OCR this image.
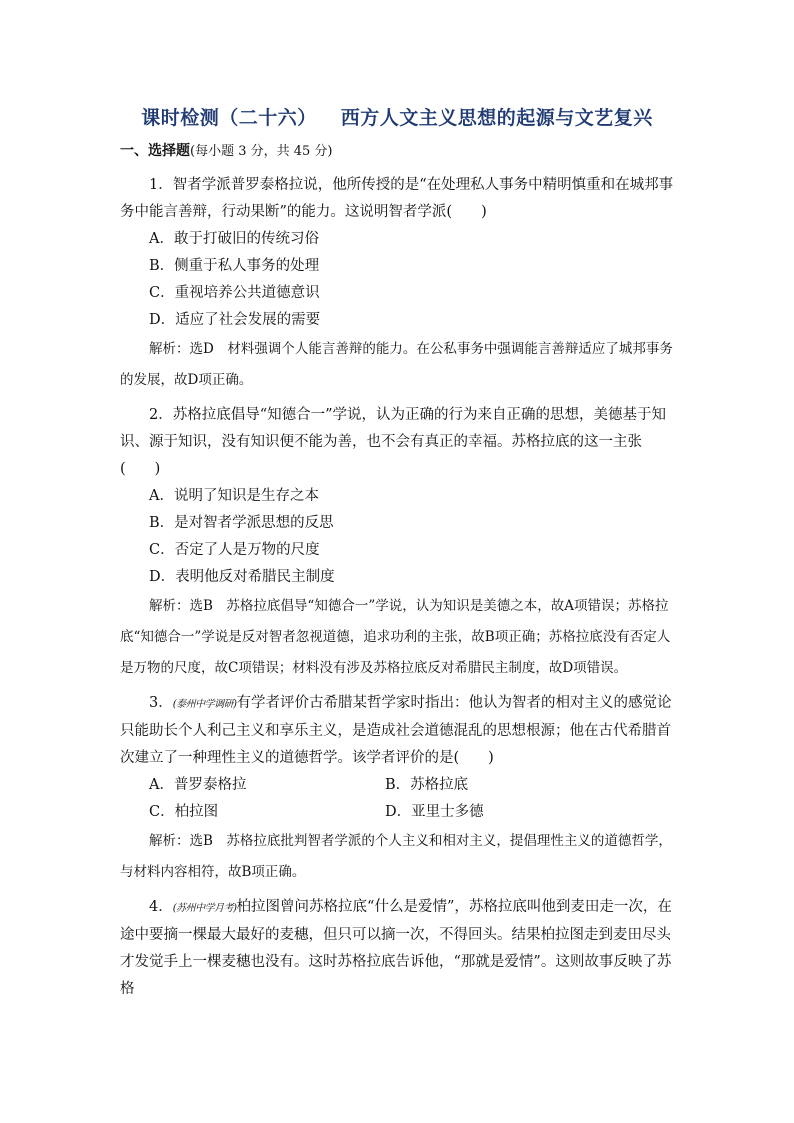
课时检测（二十六） 西方人文主义思想的起源与文艺复兴
一、选择题(每小题 3 分，共 45 分)

1．智者学派普罗泰格拉说，他所传授的是“在处理私人事务中精明慎重和在城邦事务中能言善辩，行动果断”的能力。这说明智者学派(　　)

A．敢于打破旧的传统习俗

B．侧重于私人事务的处理

C．重视培养公共道德意识

D．适应了社会发展的需要

解析：选D　材料强调个人能言善辩的能力。在公私事务中强调能言善辩适应了城邦事务的发展，故D项正确。

2．苏格拉底倡导“知德合一”学说，认为正确的行为来自正确的思想，美德基于知识、源于知识，没有知识便不能为善，也不会有真正的幸福。苏格拉底的这一主张(　　)

A．说明了知识是生存之本

B．是对智者学派思想的反思

C．否定了人是万物的尺度

D．表明他反对希腊民主制度

解析：选B　苏格拉底倡导“知德合一”学说，认为知识是美德之本，故A项错误；苏格拉底“知德合一”学说是反对智者忽视道德，追求功利的主张，故B项正确；苏格拉底没有否定人是万物的尺度，故C项错误；材料没有涉及苏格拉底反对希腊民主制度，故D项错误。

3．(泰州中学调研)有学者评价古希腊某哲学家时指出：他认为智者的相对主义的感觉论只能助长个人利己主义和享乐主义，是造成社会道德混乱的思想根源；他在古代希腊首次建立了一种理性主义的道德哲学。该学者评价的是(　　)

A．普罗泰格拉	B．苏格拉底
C．柏拉图	D．亚里士多德

解析：选B　苏格拉底批判智者学派的个人主义和相对主义，提倡理性主义的道德哲学，与材料内容相符，故B项正确。

4．(苏州中学月考)柏拉图曾问苏格拉底“什么是爱情”，苏格拉底叫他到麦田走一次，在途中要摘一棵最大最好的麦穗，但只可以摘一次，不得回头。结果柏拉图走到麦田尽头才发觉手上一棵麦穗也没有。这时苏格拉底告诉他，“那就是爱情”。这则故事反映了苏格
